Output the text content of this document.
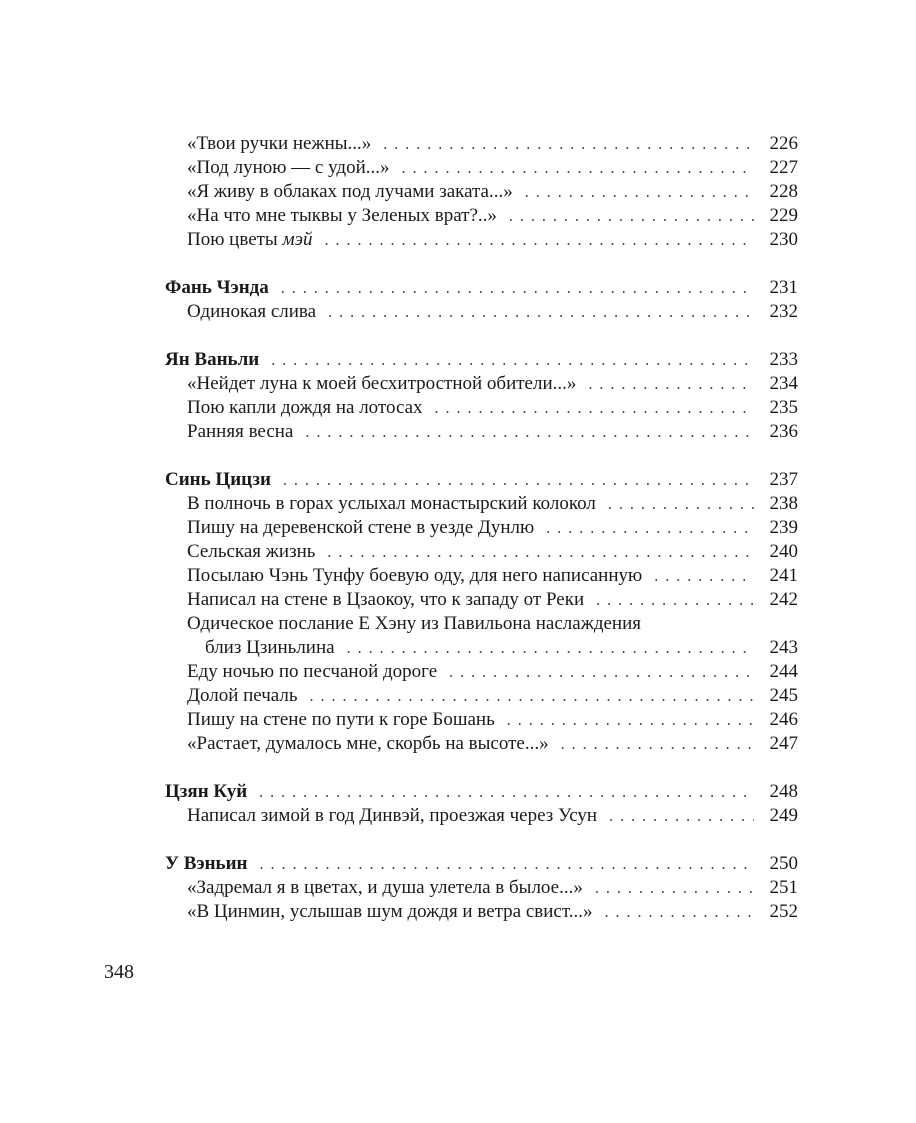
«Твои ручки нежны...» . . .	226
«Под луною — с удой...» . . .	227
«Я живу в облаках под лучами заката...» . . .	228
«На что мне тыквы у Зеленых врат?..» . . .	229
Пою цветы мэй . . .	230
Фань Чэнда . . .	231
Одинокая слива . . .	232
Ян Ваньли . . .	233
«Нейдет луна к моей бесхитростной обители...» . . .	234
Пою капли дождя на лотосах . . .	235
Ранняя весна . . .	236
Синь Цицзи . . .	237
В полночь в горах услыхал монастырский колокол . . .	238
Пишу на деревенской стене в уезде Дунлю . . .	239
Сельская жизнь . . .	240
Посылаю Чэнь Тунфу боевую оду, для него написанную . . .	241
Написал на стене в Цзаокоу, что к западу от Реки . . .	242
Одическое послание Е Хэну из Павильона наслаждения
близ Цзиньлина . . .	243
Еду ночью по песчаной дороге . . .	244
Долой печаль . . .	245
Пишу на стене по пути к горе Бошань . . .	246
«Растает, думалось мне, скорбь на высоте...» . . .	247
Цзян Куй . . .	248
Написал зимой в год Динвэй, проезжая через Усун . . .	249
У Вэньин . . .	250
«Задремал я в цветах, и душа улетела в былое...» . . .	251
«В Цинмин, услышав шум дождя и ветра свист...» . . .	252
348
